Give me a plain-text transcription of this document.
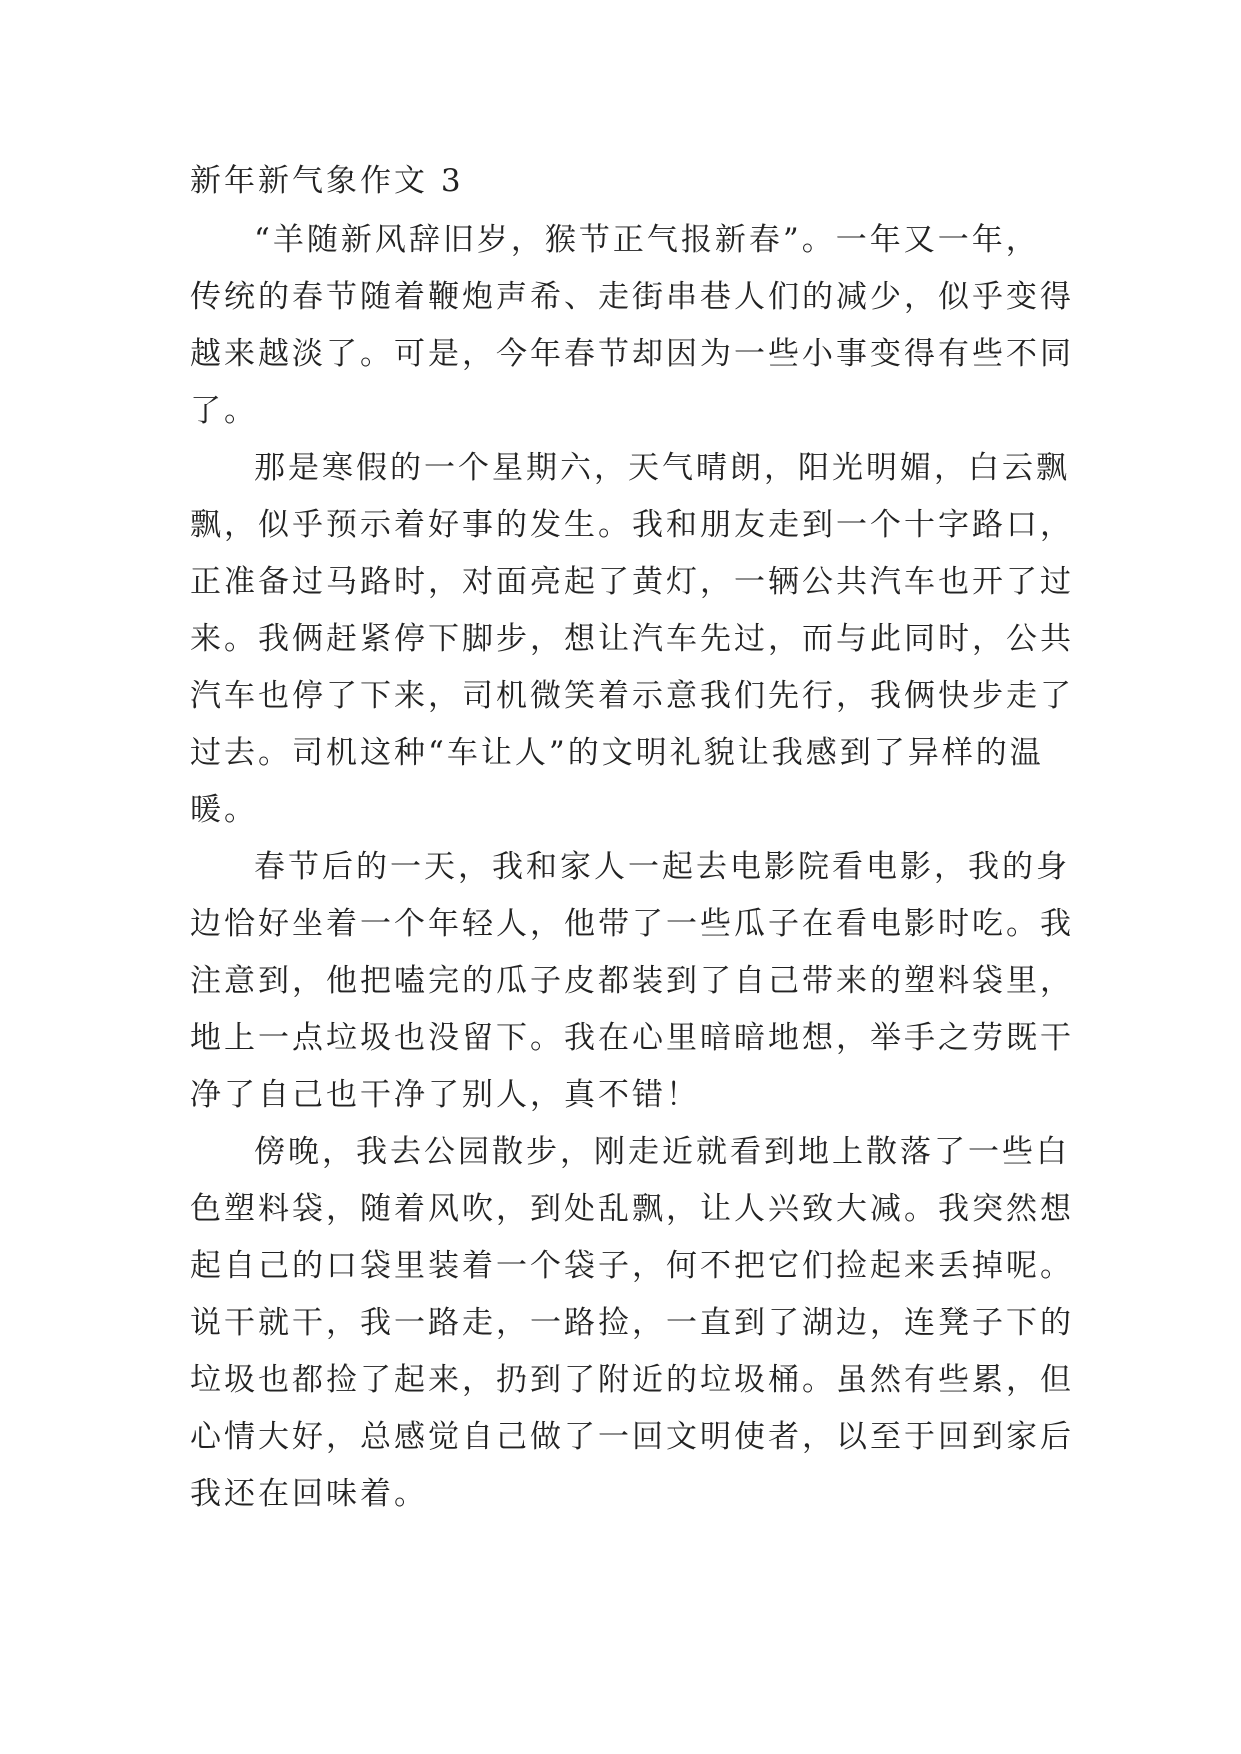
新年新气象作文 3
“羊随新风辞旧岁，猴节正气报新春”。一年又一年，
传统的春节随着鞭炮声希、走街串巷人们的减少，似乎变得
越来越淡了。可是，今年春节却因为一些小事变得有些不同
了。
那是寒假的一个星期六，天气晴朗，阳光明媚，白云飘
飘，似乎预示着好事的发生。我和朋友走到一个十字路口，
正准备过马路时，对面亮起了黄灯，一辆公共汽车也开了过
来。我俩赶紧停下脚步，想让汽车先过，而与此同时，公共
汽车也停了下来，司机微笑着示意我们先行，我俩快步走了
过去。司机这种“车让人”的文明礼貌让我感到了异样的温
暖。
春节后的一天，我和家人一起去电影院看电影，我的身
边恰好坐着一个年轻人，他带了一些瓜子在看电影时吃。我
注意到，他把嗑完的瓜子皮都装到了自己带来的塑料袋里，
地上一点垃圾也没留下。我在心里暗暗地想，举手之劳既干
净了自己也干净了别人，真不错！
傍晚，我去公园散步，刚走近就看到地上散落了一些白
色塑料袋，随着风吹，到处乱飘，让人兴致大减。我突然想
起自己的口袋里装着一个袋子，何不把它们捡起来丢掉呢。
说干就干，我一路走，一路捡，一直到了湖边，连凳子下的
垃圾也都捡了起来，扔到了附近的垃圾桶。虽然有些累，但
心情大好，总感觉自己做了一回文明使者，以至于回到家后
我还在回味着。
